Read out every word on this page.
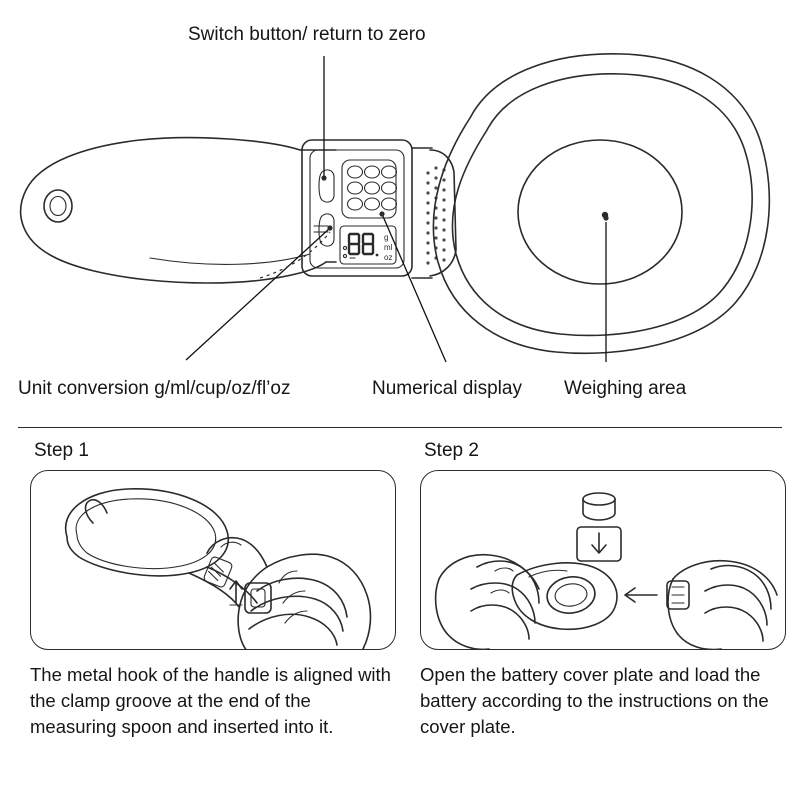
g
ml
oz
Switch button/ return to zero
Unit conversion g/ml/cup/oz/fl’oz	Numerical display Weighing area
Step 1
The metal hook of the handle is aligned with the clamp groove at the end of the measuring spoon and inserted into it.
Step 2
Open the battery cover plate and load the battery according to the instructions on the cover plate.
